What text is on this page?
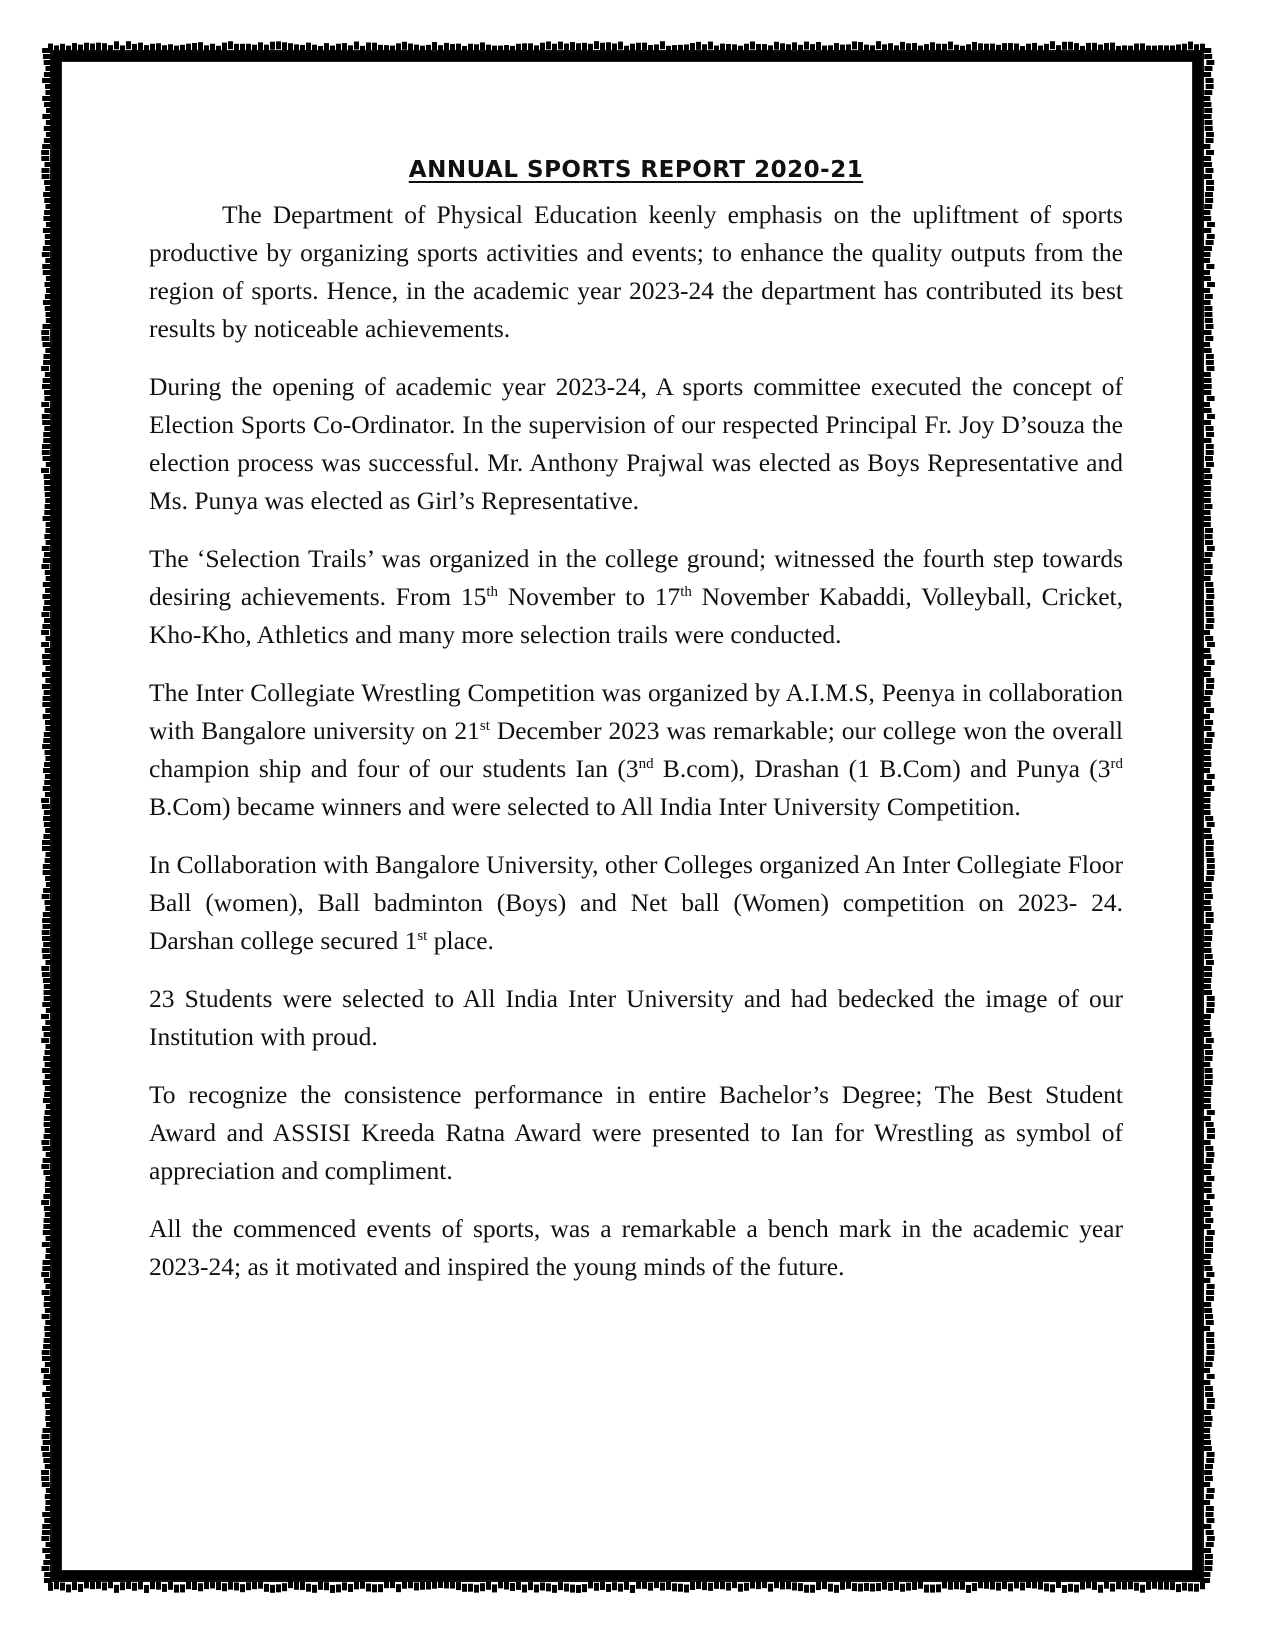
ANNUAL SPORTS REPORT 2020-21

The Department of Physical Education keenly emphasis on the upliftment of sports productive by organizing sports activities and events; to enhance the quality outputs from the region of sports. Hence, in the academic year 2023-24 the department has contributed its best results by noticeable achievements.

During the opening of academic year 2023-24, A sports committee executed the concept of Election Sports Co-Ordinator. In the supervision of our respected Principal Fr. Joy D’souza the election process was successful. Mr. Anthony Prajwal was elected as Boys Representative and Ms. Punya was elected as Girl’s Representative.

The ‘Selection Trails’ was organized in the college ground; witnessed the fourth step towards desiring achievements. From 15th November to 17th November Kabaddi, Volleyball, Cricket, Kho-Kho, Athletics and many more selection trails were conducted.

The Inter Collegiate Wrestling Competition was organized by A.I.M.S, Peenya in collaboration with Bangalore university on 21st December 2023 was remarkable; our college won the overall champion ship and four of our students Ian (3nd B.com), Drashan (1 B.Com) and Punya (3rd B.Com) became winners and were selected to All India Inter University Competition.

In Collaboration with Bangalore University, other Colleges organized An Inter Collegiate Floor Ball (women), Ball badminton (Boys) and Net ball (Women) competition on 2023- 24. Darshan college secured 1st place.

23 Students were selected to All India Inter University and had bedecked the image of our Institution with proud.

To recognize the consistence performance in entire Bachelor’s Degree; The Best Student Award and ASSISI Kreeda Ratna Award were presented to Ian for Wrestling as symbol of appreciation and compliment.

All the commenced events of sports, was a remarkable a bench mark in the academic year 2023-24; as it motivated and inspired the young minds of the future.
